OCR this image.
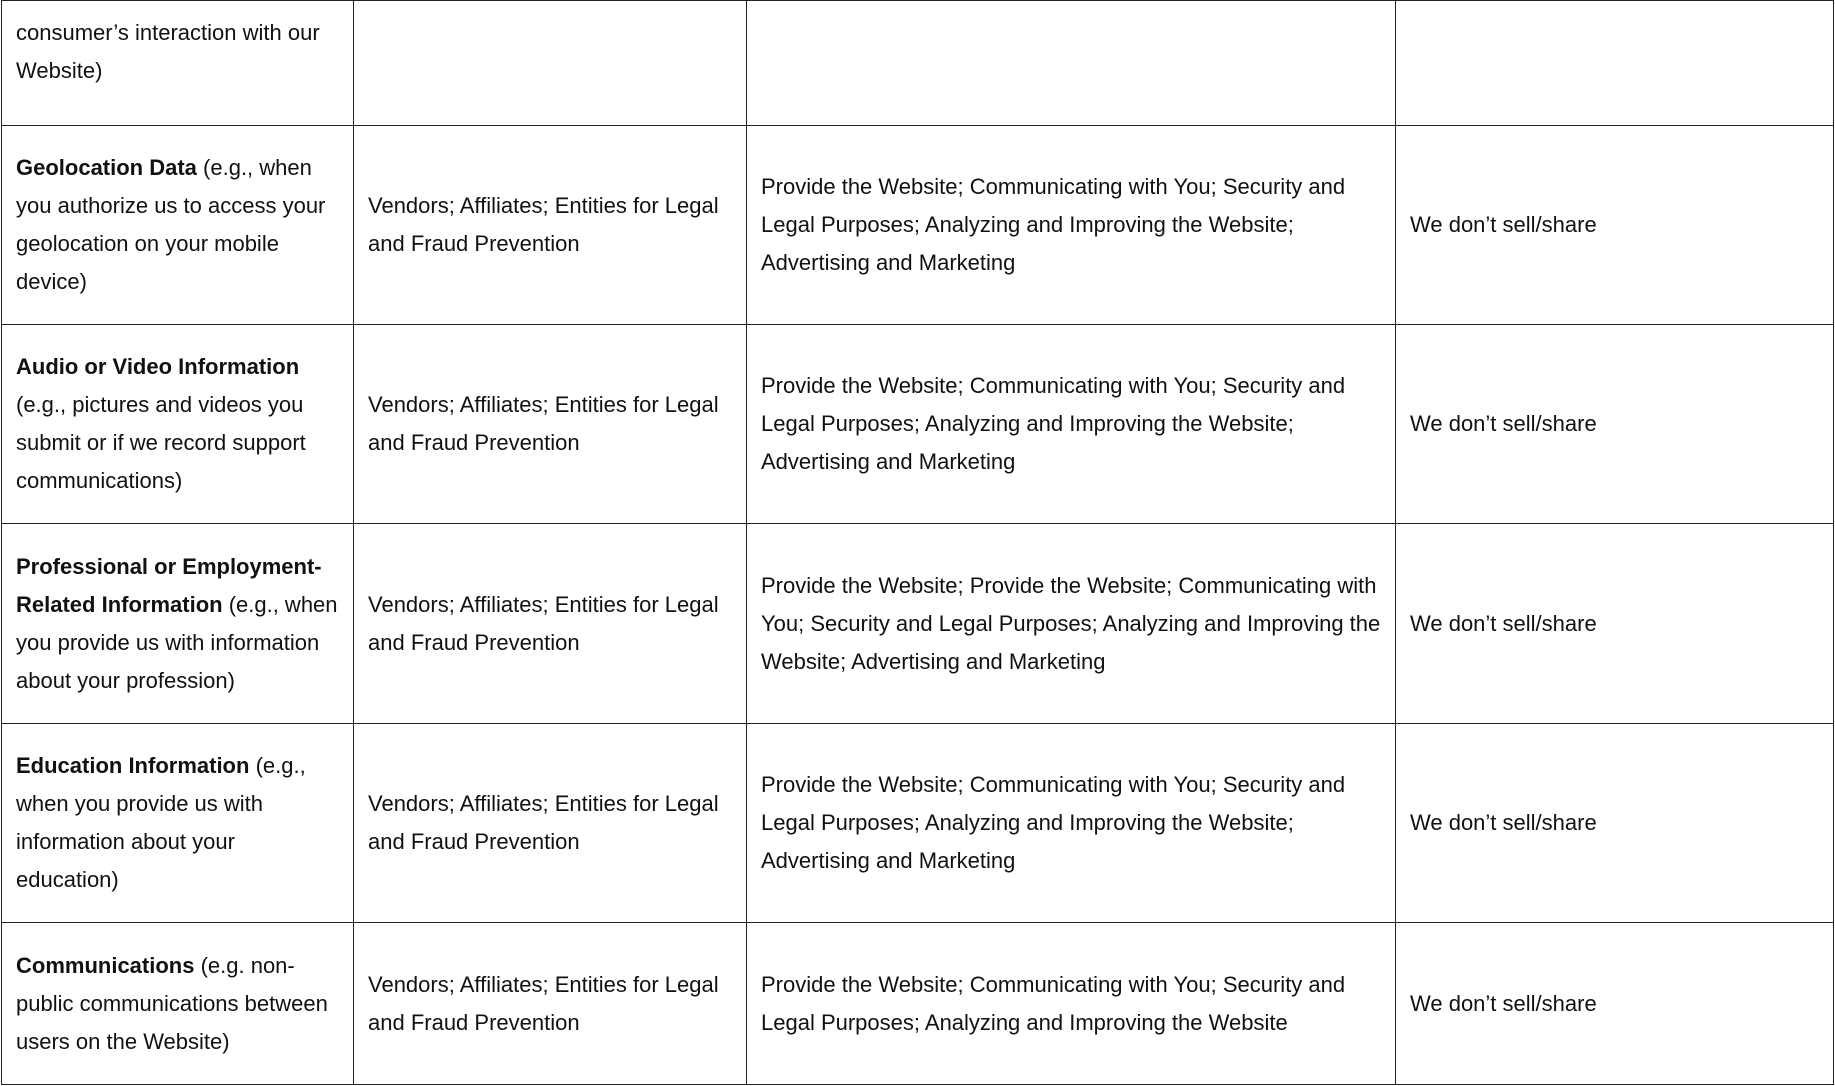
consumer’s interaction with our Website)			
Geolocation Data (e.g., when you authorize us to access your geolocation on your mobile device)	Vendors; Affiliates; Entities for Legal and Fraud Prevention	Provide the Website; Communicating with You; Security and Legal Purposes; Analyzing and Improving the Website; Advertising and Marketing	We don’t sell/share
Audio or Video Information (e.g., pictures and videos you submit or if we record support communications)	Vendors; Affiliates; Entities for Legal and Fraud Prevention	Provide the Website; Communicating with You; Security and Legal Purposes; Analyzing and Improving the Website; Advertising and Marketing	We don’t sell/share
Professional or Employment-Related Information (e.g., when you provide us with information about your profession)	Vendors; Affiliates; Entities for Legal and Fraud Prevention	Provide the Website; Provide the Website; Communicating with You; Security and Legal Purposes; Analyzing and Improving the Website; Advertising and Marketing	We don’t sell/share
Education Information (e.g., when you provide us with information about your education)	Vendors; Affiliates; Entities for Legal and Fraud Prevention	Provide the Website; Communicating with You; Security and Legal Purposes; Analyzing and Improving the Website; Advertising and Marketing	We don’t sell/share
Communications (e.g. non-public communications between users on the Website)	Vendors; Affiliates; Entities for Legal and Fraud Prevention	Provide the Website; Communicating with You; Security and Legal Purposes; Analyzing and Improving the Website	We don’t sell/share
